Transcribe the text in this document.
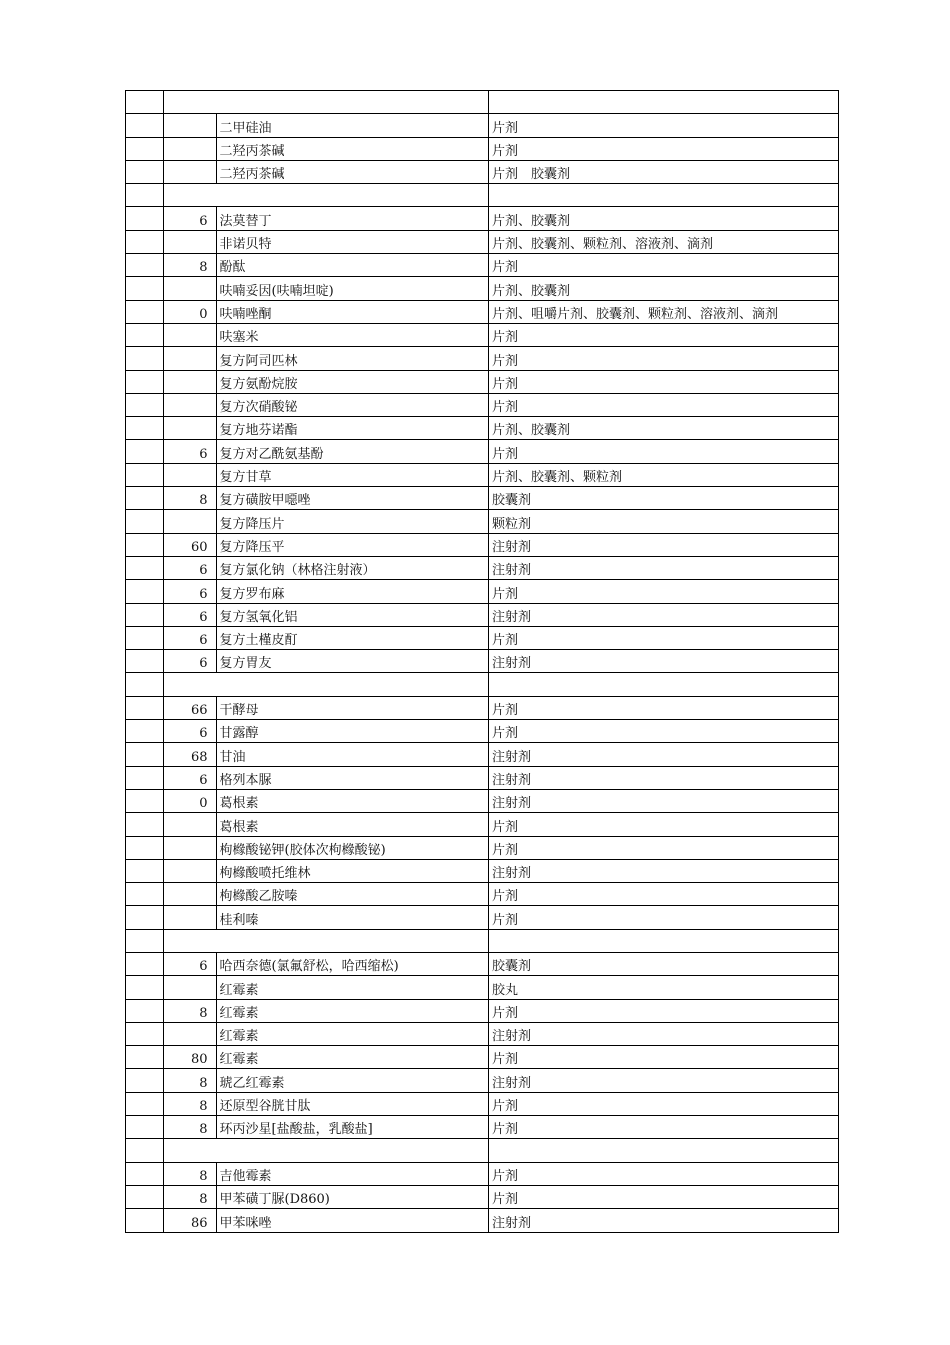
		二甲硅油	片剂
		二羟丙茶碱	片剂
		二羟丙茶碱	片剂　胶囊剂

	6	法莫替丁	片剂、胶囊剂
		非诺贝特	片剂、胶囊剂、颗粒剂、溶液剂、滴剂
	8	酚酞	片剂
		呋喃妥因(呋喃坦啶)	片剂、胶囊剂
	0	呋喃唑酮	片剂、咀嚼片剂、胶囊剂、颗粒剂、溶液剂、滴剂
		呋塞米	片剂
		复方阿司匹林	片剂
		复方氨酚烷胺	片剂
		复方次硝酸铋	片剂
		复方地芬诺酯	片剂、胶囊剂
	6	复方对乙酰氨基酚	片剂
		复方甘草	片剂、胶囊剂、颗粒剂
	8	复方磺胺甲噁唑	胶囊剂
		复方降压片	颗粒剂
	60	复方降压平	注射剂
	6	复方氯化钠（林格注射液）	注射剂
	6	复方罗布麻	片剂
	6	复方氢氧化铝	注射剂
	6	复方土槿皮酊	片剂
	6	复方胃友	注射剂

	66	干酵母	片剂
	6	甘露醇	片剂
	68	甘油	注射剂
	6	格列本脲	注射剂
	0	葛根素	注射剂
		葛根素	片剂
		枸橼酸铋钾(胶体次枸橼酸铋)	片剂
		枸橼酸喷托维林	注射剂
		枸橼酸乙胺嗪	片剂
		桂利嗪	片剂

	6	哈西奈德(氯氟舒松，哈西缩松)	胶囊剂
		红霉素	胶丸
	8	红霉素	片剂
		红霉素	注射剂
	80	红霉素	片剂
	8	琥乙红霉素	注射剂
	8	还原型谷胱甘肽	片剂
	8	环丙沙星[盐酸盐，乳酸盐]	片剂

	8	吉他霉素	片剂
	8	甲苯磺丁脲(D860)	片剂
	86	甲苯咪唑	注射剂
